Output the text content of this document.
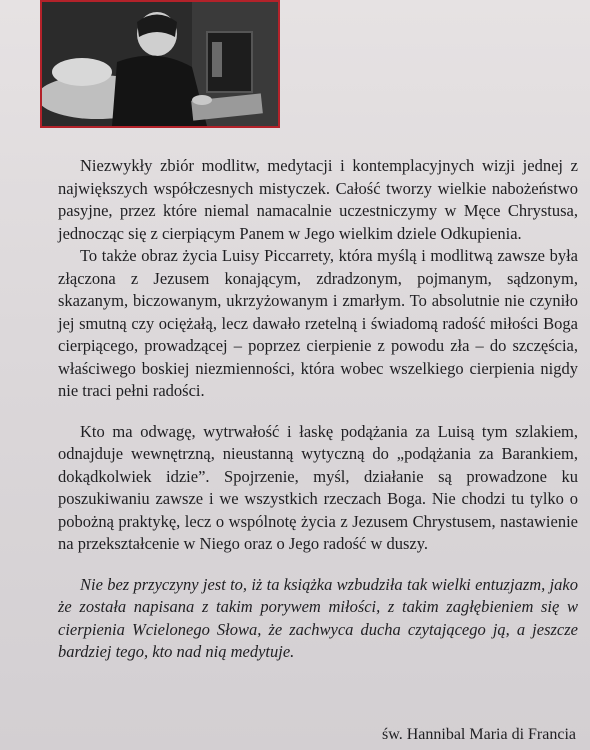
Niezwykły zbiór modlitw, medytacji i kontemplacyjnych wizji jednej z największych współczesnych mistyczek. Całość tworzy wielkie nabożeństwo pasyjne, przez które niemal namacalnie uczestniczymy w Męce Chrystusa, jednocząc się z cierpiącym Panem w Jego wielkim dziele Odkupienia.

To także obraz życia Luisy Piccarrety, która myślą i modlitwą zawsze była złączona z Jezusem konającym, zdradzonym, pojmanym, sądzonym, skazanym, biczowanym, ukrzyżowanym i zmarłym. To absolutnie nie czyniło jej smutną czy ociężałą, lecz dawało rzetelną i świadomą radość miłości Boga cierpiącego, prowadzącej – poprzez cierpienie z powodu zła – do szczęścia, właściwego boskiej niezmienności, która wobec wszelkiego cierpienia nigdy nie traci pełni radości.

Kto ma odwagę, wytrwałość i łaskę podążania za Luisą tym szlakiem, odnajduje wewnętrzną, nieustanną wytyczną do „podążania za Barankiem, dokądkolwiek idzie”. Spojrzenie, myśl, działanie są prowadzone ku poszukiwaniu zawsze i we wszystkich rzeczach Boga. Nie chodzi tu tylko o pobożną praktykę, lecz o wspólnotę życia z Jezusem Chrystusem, nastawienie na przekształcenie w Niego oraz o Jego radość w duszy.

Nie bez przyczyny jest to, iż ta książka wzbudziła tak wielki entuzjazm, jako że została napisana z takim porywem miłości, z takim zagłębieniem się w cierpienia Wcielonego Słowa, że zachwyca ducha czytającego ją, a jeszcze bardziej tego, kto nad nią medytuje.

św. Hannibal Maria di Francia
